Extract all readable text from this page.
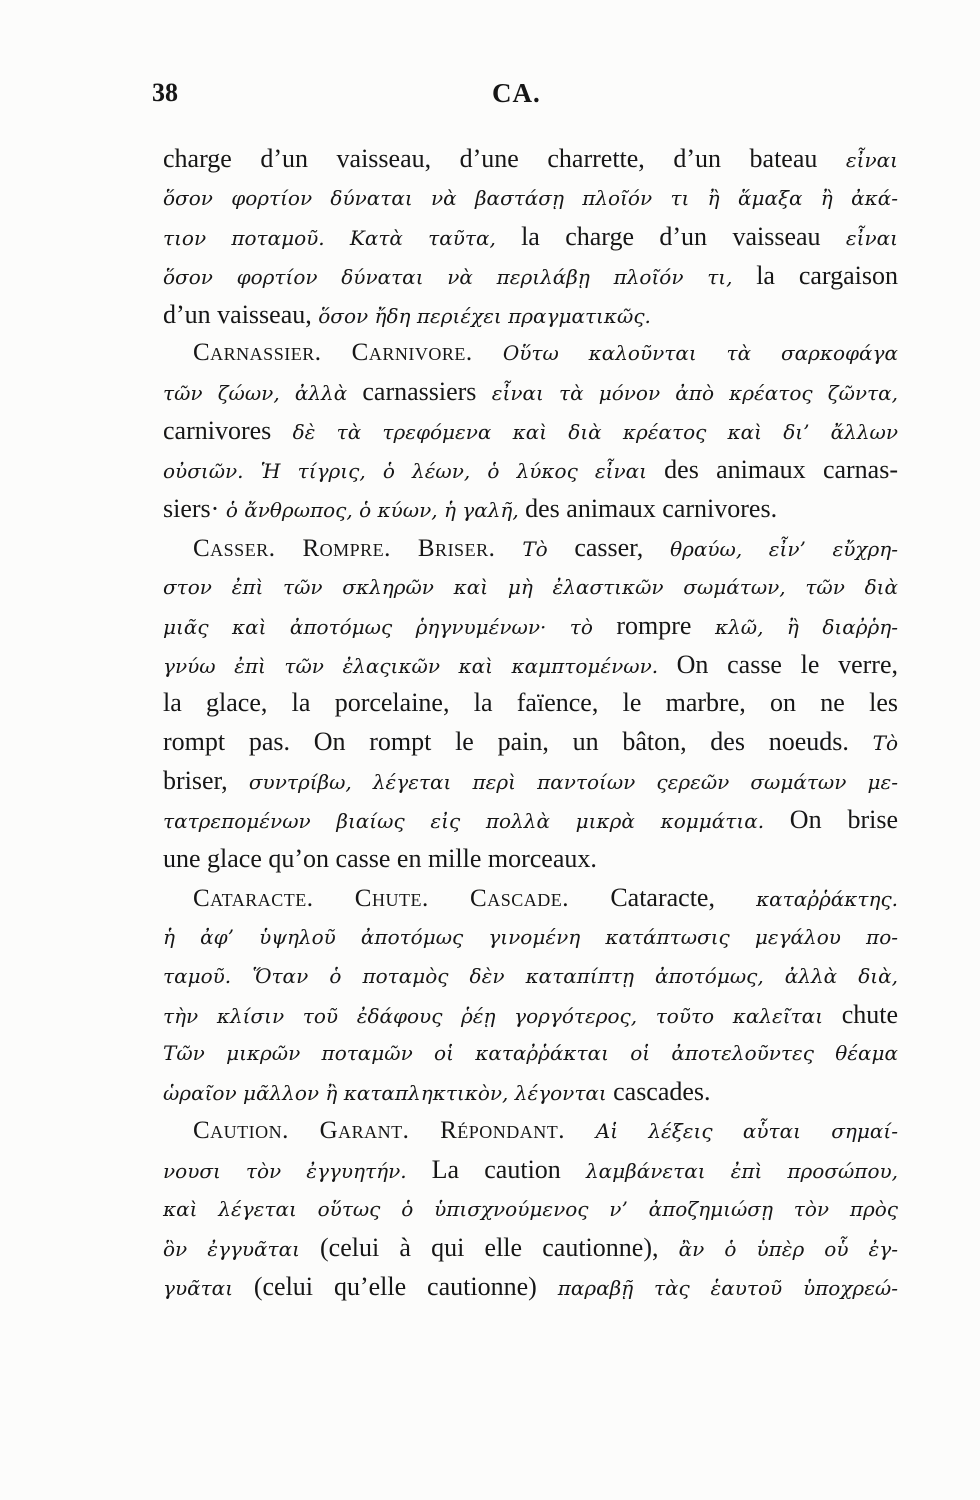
38	CA.
charge d’un vaisseau, d’une charrette, d’un bateau εἶναι
ὅσον φορτίον δύναται νὰ βαστάσῃ πλοῖόν τι ἢ ἅμαξα ἢ ἀκά-
τιον ποταμοῦ. Κατὰ ταῦτα, la charge d’un vaisseau εἶναι
ὅσον φορτίον δύναται νὰ περιλάβῃ πλοῖόν τι, la cargaison
d’un vaisseau, ὅσον ἤδη περιέχει πραγματικῶς.
Carnassier. Carnivore. Οὕτω καλοῦνται τὰ σαρκοφάγα
τῶν ζώων, ἀλλὰ carnassiers εἶναι τὰ μόνον ἀπὸ κρέατος ζῶντα,
carnivores δὲ τὰ τρεφόμενα καὶ διὰ κρέατος καὶ δι’ ἄλλων
οὐσιῶν. Ἡ τίγρις, ὁ λέων, ὁ λύκος εἶναι des animaux carnas-
siers· ὁ ἄνθρωπος, ὁ κύων, ἡ γαλῆ, des animaux carnivores.
Casser. Rompre. Briser. Τὸ casser, θραύω, εἶν’ εὔχρη-
στον ἐπὶ τῶν σκληρῶν καὶ μὴ ἐλαστικῶν σωμάτων, τῶν διὰ
μιᾶς καὶ ἀποτόμως ῥηγνυμένων· τὸ rompre κλῶ, ἢ διαῤῥη-
γνύω ἐπὶ τῶν ἐλαςικῶν καὶ καμπτομένων. On casse le verre,
la glace, la porcelaine, la faïence, le marbre, on ne les
rompt pas. On rompt le pain, un bâton, des noeuds. Τὸ
briser, συντρίβω, λέγεται περὶ παντοίων ςερεῶν σωμάτων με-
τατρεπομένων βιαίως εἰς πολλὰ μικρὰ κομμάτια. On brise
une glace qu’on casse en mille morceaux.
Cataracte. Chute. Cascade. Cataracte, καταῤῥάκτης.
ἡ ἀφ’ ὑψηλοῦ ἀποτόμως γινομένη κατάπτωσις μεγάλου πο-
ταμοῦ. Ὅταν ὁ ποταμὸς δὲν καταπίπτῃ ἀποτόμως, ἀλλὰ διὰ,
τὴν κλίσιν τοῦ ἐδάφους ῥέῃ γοργότερος, τοῦτο καλεῖται chute
Τῶν μικρῶν ποταμῶν οἱ καταῤῥάκται οἱ ἀποτελοῦντες θέαμα
ὡραῖον μᾶλλον ἢ καταπληκτικὸν, λέγονται cascades.
Caution. Garant. Répondant. Αἱ λέξεις αὗται σημαί-
νουσι τὸν ἐγγυητήν. La caution λαμβάνεται ἐπὶ προσώπου,
καὶ λέγεται οὕτως ὁ ὑπισχνούμενος ν’ ἀποζημιώσῃ τὸν πρὸς
ὃν ἐγγυᾶται (celui à qui elle cautionne), ἂν ὁ ὑπὲρ οὗ ἐγ-
γυᾶται (celui qu’elle cautionne) παραβῇ τὰς ἑαυτοῦ ὑποχρεώ-
